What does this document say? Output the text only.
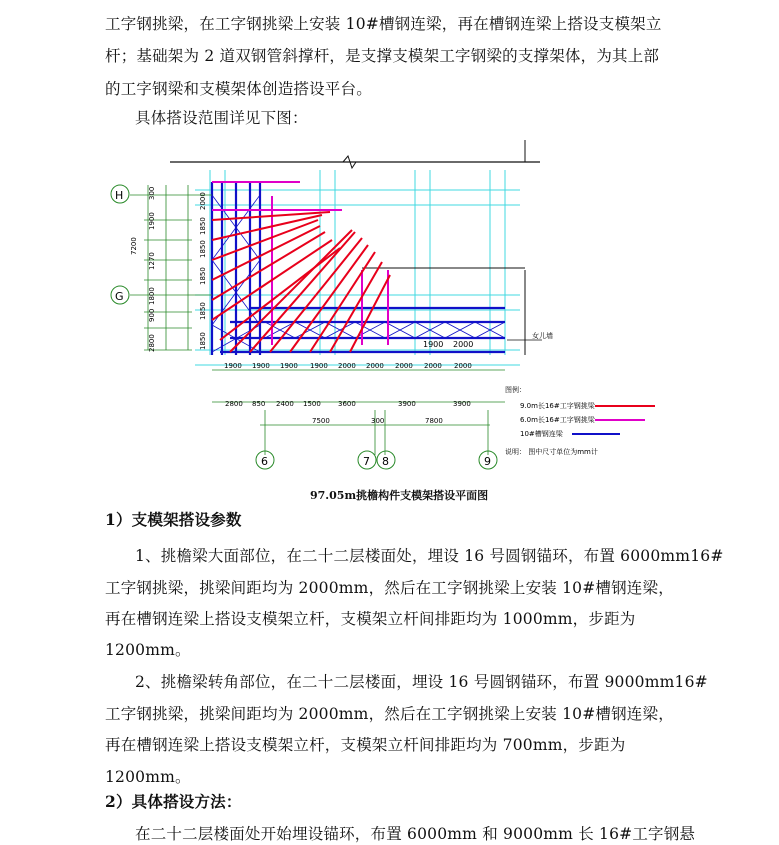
工字钢挑梁，在工字钢挑梁上安装 10#槽钢连梁，再在槽钢连梁上搭设支模架立
杆；基础架为 2 道双钢管斜撑杆，是支撑支模架工字钢梁的支撑架体，为其上部
的工字钢梁和支模架体创造搭设平台。
具体搭设范围详见下图：
1900 2000
女儿墙
300
1900
2000
1850
1850
1850
1850
1850
1270
1800
900
2800
7200
H
G
1900 1900 1900 1900 2000 2000 2000 2000 2000
2800 850 2400 1500 3600	3900	3900
7500	300	7800
6	7 8	9
图例：
9.0m长16#工字钢挑梁
6.0m长16#工字钢挑梁
10#槽钢连梁
说明： 图中尺寸单位为mm计
97.05m挑檐构件支模架搭设平面图
1）支模架搭设参数
1、挑檐梁大面部位，在二十二层楼面处，埋设 16 号圆钢锚环，布置 6000mm16#
工字钢挑梁，挑梁间距均为 2000mm，然后在工字钢挑梁上安装 10#槽钢连梁，
再在槽钢连梁上搭设支模架立杆，支模架立杆间排距均为 1000mm，步距为
1200mm。
2、挑檐梁转角部位，在二十二层楼面，埋设 16 号圆钢锚环，布置 9000mm16#
工字钢挑梁，挑梁间距均为 2000mm，然后在工字钢挑梁上安装 10#槽钢连梁，
再在槽钢连梁上搭设支模架立杆，支模架立杆间排距均为 700mm，步距为
1200mm。
2）具体搭设方法：
在二十二层楼面处开始埋设锚环，布置 6000mm 和 9000mm 长 16#工字钢悬
